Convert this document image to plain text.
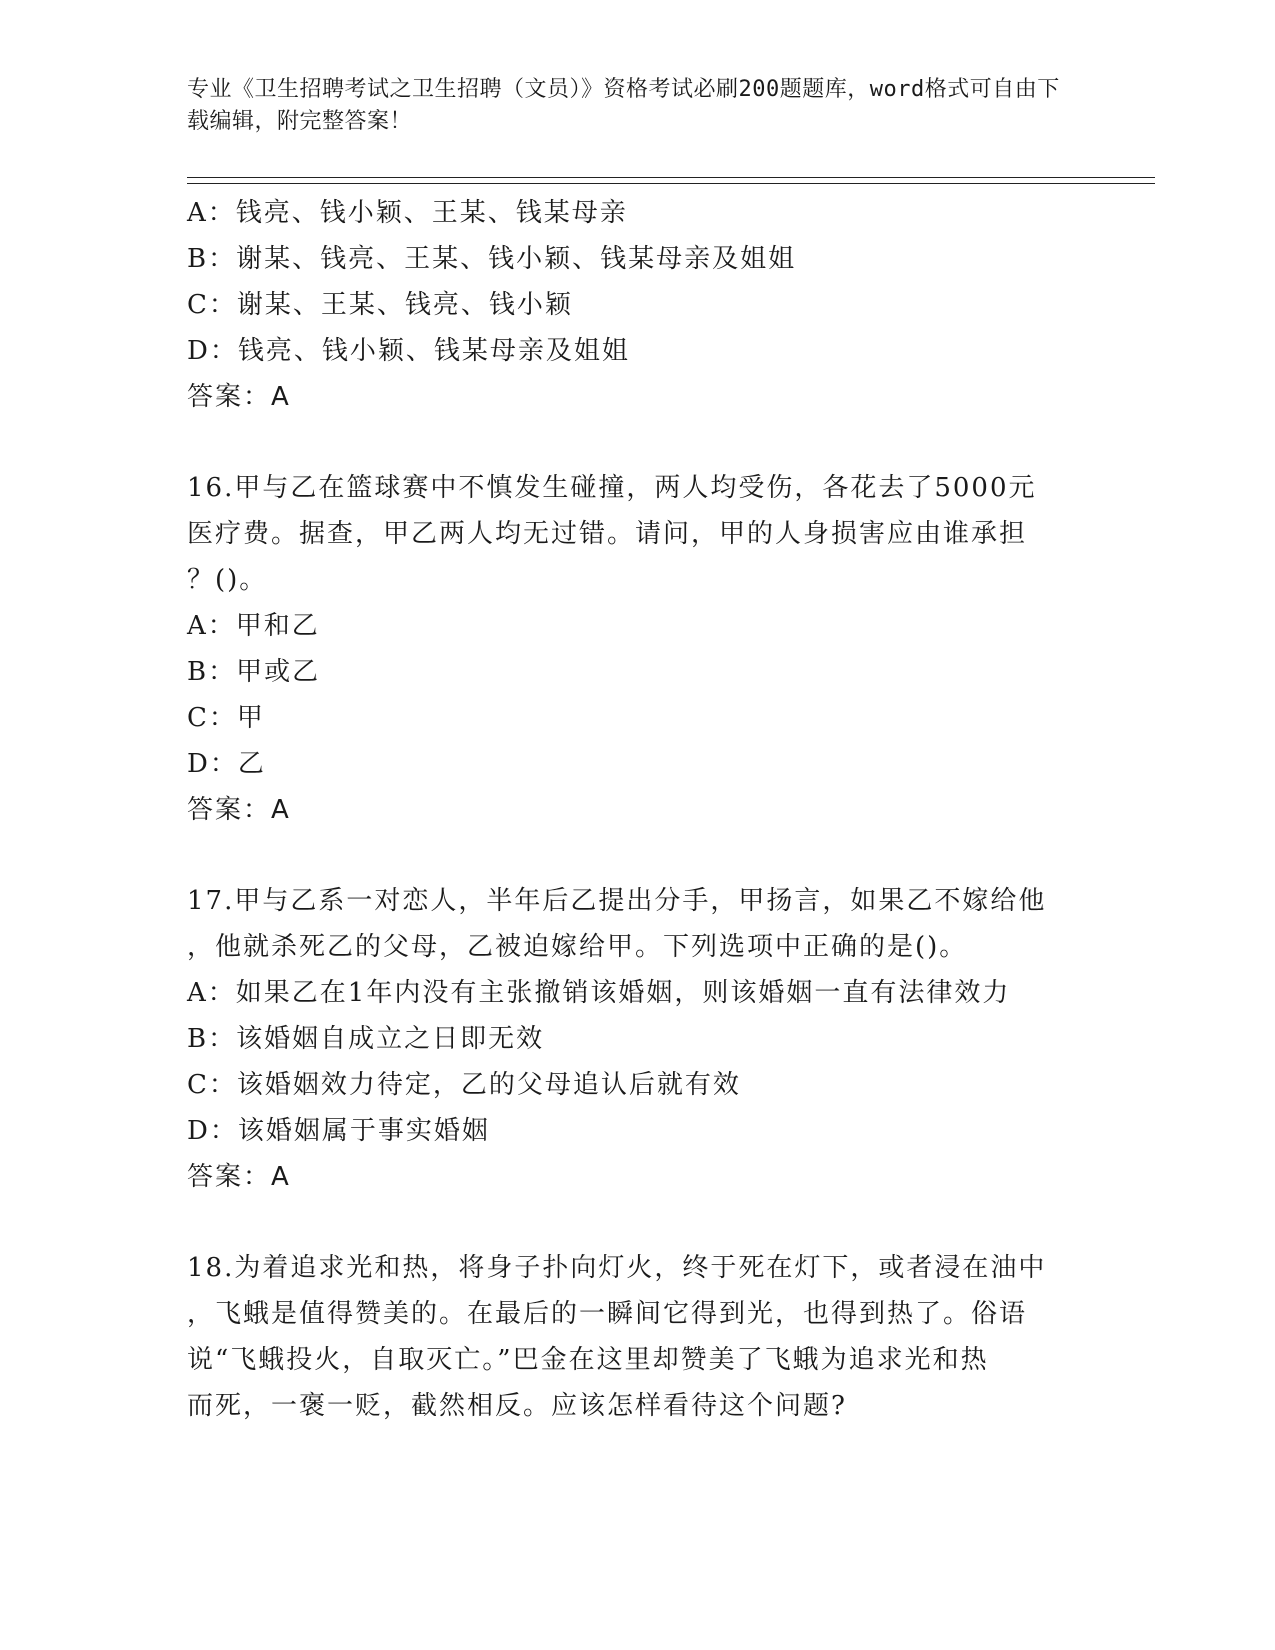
专业《卫生招聘考试之卫生招聘（文员）》资格考试必刷200题题库，word格式可自由下载编辑，附完整答案！
A：钱亮、钱小颖、王某、钱某母亲
B：谢某、钱亮、王某、钱小颖、钱某母亲及姐姐
C：谢某、王某、钱亮、钱小颖
D：钱亮、钱小颖、钱某母亲及姐姐
答案：A
16.甲与乙在篮球赛中不慎发生碰撞，两人均受伤，各花去了5000元
医疗费。据查，甲乙两人均无过错。请问，甲的人身损害应由谁承担
？()。
A：甲和乙
B：甲或乙
C：甲
D：乙
答案：A
17.甲与乙系一对恋人，半年后乙提出分手，甲扬言，如果乙不嫁给他
，他就杀死乙的父母，乙被迫嫁给甲。下列选项中正确的是()。
A：如果乙在1年内没有主张撤销该婚姻，则该婚姻一直有法律效力
B：该婚姻自成立之日即无效
C：该婚姻效力待定，乙的父母追认后就有效
D：该婚姻属于事实婚姻
答案：A
18.为着追求光和热，将身子扑向灯火，终于死在灯下，或者浸在油中
，飞蛾是值得赞美的。在最后的一瞬间它得到光，也得到热了。俗语
说“飞蛾投火，自取灭亡。”巴金在这里却赞美了飞蛾为追求光和热
而死，一褒一贬，截然相反。应该怎样看待这个问题?
